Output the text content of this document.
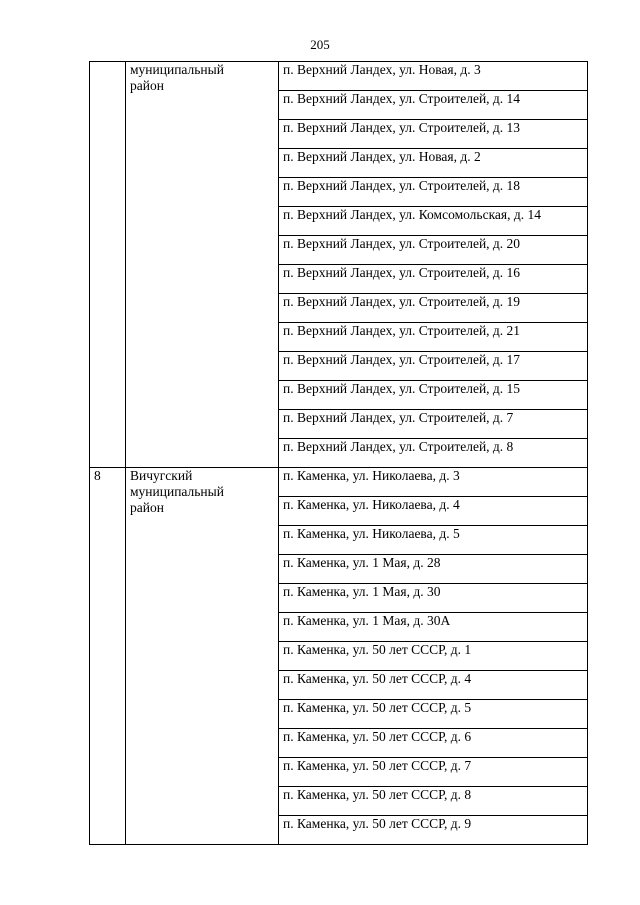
205

	муниципальный
район	п. Верхний Ландех, ул. Новая, д. 3
		п. Верхний Ландех, ул. Строителей, д. 14
		п. Верхний Ландех, ул. Строителей, д. 13
		п. Верхний Ландех, ул. Новая, д. 2
		п. Верхний Ландех, ул. Строителей, д. 18
		п. Верхний Ландех, ул. Комсомольская, д. 14
		п. Верхний Ландех, ул. Строителей, д. 20
		п. Верхний Ландех, ул. Строителей, д. 16
		п. Верхний Ландех, ул. Строителей, д. 19
		п. Верхний Ландех, ул. Строителей, д. 21
		п. Верхний Ландех, ул. Строителей, д. 17
		п. Верхний Ландех, ул. Строителей, д. 15
		п. Верхний Ландех, ул. Строителей, д. 7
		п. Верхний Ландех, ул. Строителей, д. 8
8	Вичугский
муниципальный
район	п. Каменка, ул. Николаева, д. 3
		п. Каменка, ул. Николаева, д. 4
		п. Каменка, ул. Николаева, д. 5
		п. Каменка, ул. 1 Мая, д. 28
		п. Каменка, ул. 1 Мая, д. 30
		п. Каменка, ул. 1 Мая, д. 30А
		п. Каменка, ул. 50 лет СССР, д. 1
		п. Каменка, ул. 50 лет СССР, д. 4
		п. Каменка, ул. 50 лет СССР, д. 5
		п. Каменка, ул. 50 лет СССР, д. 6
		п. Каменка, ул. 50 лет СССР, д. 7
		п. Каменка, ул. 50 лет СССР, д. 8
		п. Каменка, ул. 50 лет СССР, д. 9
